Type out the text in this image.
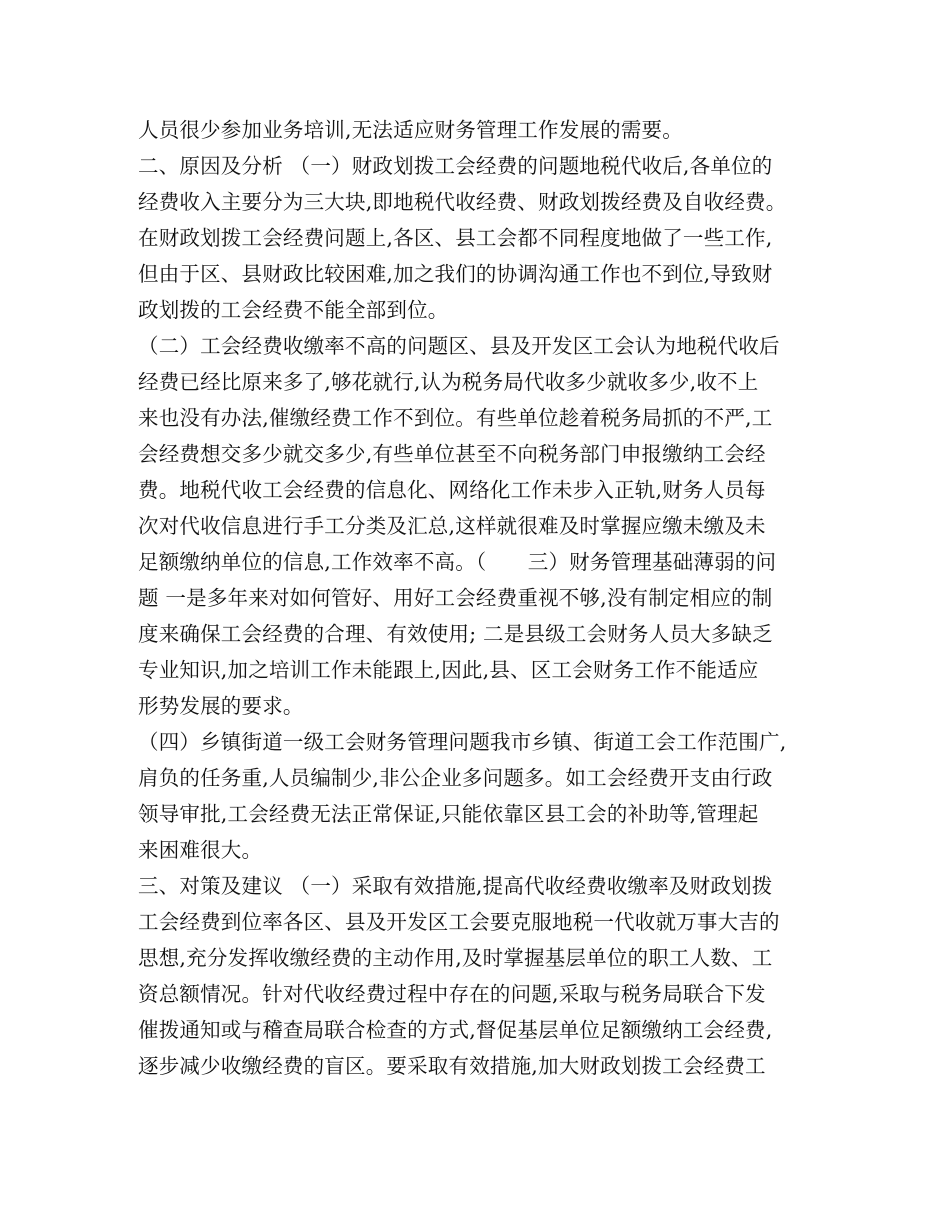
人员很少参加业务培训,无法适应财务管理工作发展的需要。
二、原因及分析 （一）财政划拨工会经费的问题地税代收后,各单位的
经费收入主要分为三大块,即地税代收经费、财政划拨经费及自收经费。
在财政划拨工会经费问题上,各区、县工会都不同程度地做了一些工作,
但由于区、县财政比较困难,加之我们的协调沟通工作也不到位,导致财
政划拨的工会经费不能全部到位。
（二）工会经费收缴率不高的问题区、县及开发区工会认为地税代收后
经费已经比原来多了,够花就行,认为税务局代收多少就收多少,收不上
来也没有办法,催缴经费工作不到位。有些单位趁着税务局抓的不严,工
会经费想交多少就交多少,有些单位甚至不向税务部门申报缴纳工会经
费。地税代收工会经费的信息化、网络化工作未步入正轨,财务人员每
次对代收信息进行手工分类及汇总,这样就很难及时掌握应缴未缴及未
足额缴纳单位的信息,工作效率不高。（　　三）财务管理基础薄弱的问
题 一是多年来对如何管好、用好工会经费重视不够,没有制定相应的制
度来确保工会经费的合理、有效使用; 二是县级工会财务人员大多缺乏
专业知识,加之培训工作未能跟上,因此,县、区工会财务工作不能适应
形势发展的要求。
（四）乡镇街道一级工会财务管理问题我市乡镇、街道工会工作范围广,
肩负的任务重,人员编制少,非公企业多问题多。如工会经费开支由行政
领导审批,工会经费无法正常保证,只能依靠区县工会的补助等,管理起
来困难很大。
三、对策及建议 （一）采取有效措施,提高代收经费收缴率及财政划拨
工会经费到位率各区、县及开发区工会要克服地税一代收就万事大吉的
思想,充分发挥收缴经费的主动作用,及时掌握基层单位的职工人数、工
资总额情况。针对代收经费过程中存在的问题,采取与税务局联合下发
催拨通知或与稽查局联合检查的方式,督促基层单位足额缴纳工会经费,
逐步减少收缴经费的盲区。要采取有效措施,加大财政划拨工会经费工
